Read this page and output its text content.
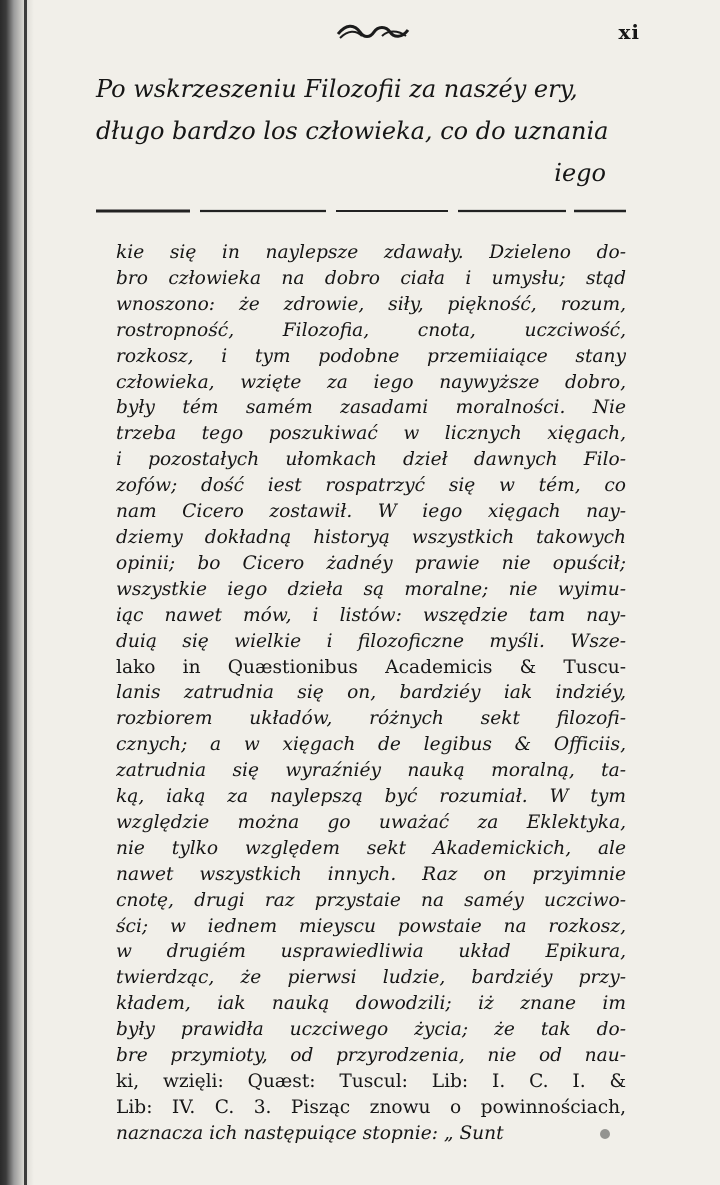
xi
Po wskrzeszeniu Filozofii za naszéy ery,
długo bardzo los człowieka, co do uznania
iego
kie się in naylepsze zdawały. Dzieleno do-
bro człowieka na dobro ciała i umysłu; stąd
wnoszono: że zdrowie, siły, piękność, rozum,
rostropność, Filozofia, cnota, uczciwość,
rozkosz, i tym podobne przemiiaiące stany
człowieka, wzięte za iego naywyższe dobro,
były tém samém zasadami moralności. Nie
trzeba tego poszukiwać w licznych xięgach,
i pozostałych ułomkach dzieł dawnych Filo-
zofów; dość iest rospatrzyć się w tém, co
nam Cicero zostawił. W iego xięgach nay-
dziemy dokładną historyą wszystkich takowych
opinii; bo Cicero żadnéy prawie nie opuścił;
wszystkie iego dzieła są moralne; nie wyimu-
iąc nawet mów, i listów: wszędzie tam nay-
duią się wielkie i filozoficzne myśli. Wsze-
lako in Quæstionibus Academicis & Tuscu-
lanis zatrudnia się on, bardziéy iak indziéy,
rozbiorem układów, różnych sekt filozofi-
cznych; a w xięgach de legibus & Officiis,
zatrudnia się wyraźniéy nauką moralną, ta-
ką, iaką za naylepszą być rozumiał. W tym
względzie można go uważać za Eklektyka,
nie tylko względem sekt Akademickich, ale
nawet wszystkich innych. Raz on przyimnie
cnotę, drugi raz przystaie na saméy uczciwo-
ści; w iednem mieyscu powstaie na rozkosz,
w drugiém usprawiedliwia układ Epikura,
twierdząc, że pierwsi ludzie, bardziéy przy-
kładem, iak nauką dowodzili; iż znane im
były prawidła uczciwego życia; że tak do-
bre przymioty, od przyrodzenia, nie od nau-
ki, wzięli: Quæst: Tuscul: Lib: I. C. I. &
Lib: IV. C. 3. Pisząc znowu o powinnościach,
naznacza ich następuiące stopnie: „ Sunt
